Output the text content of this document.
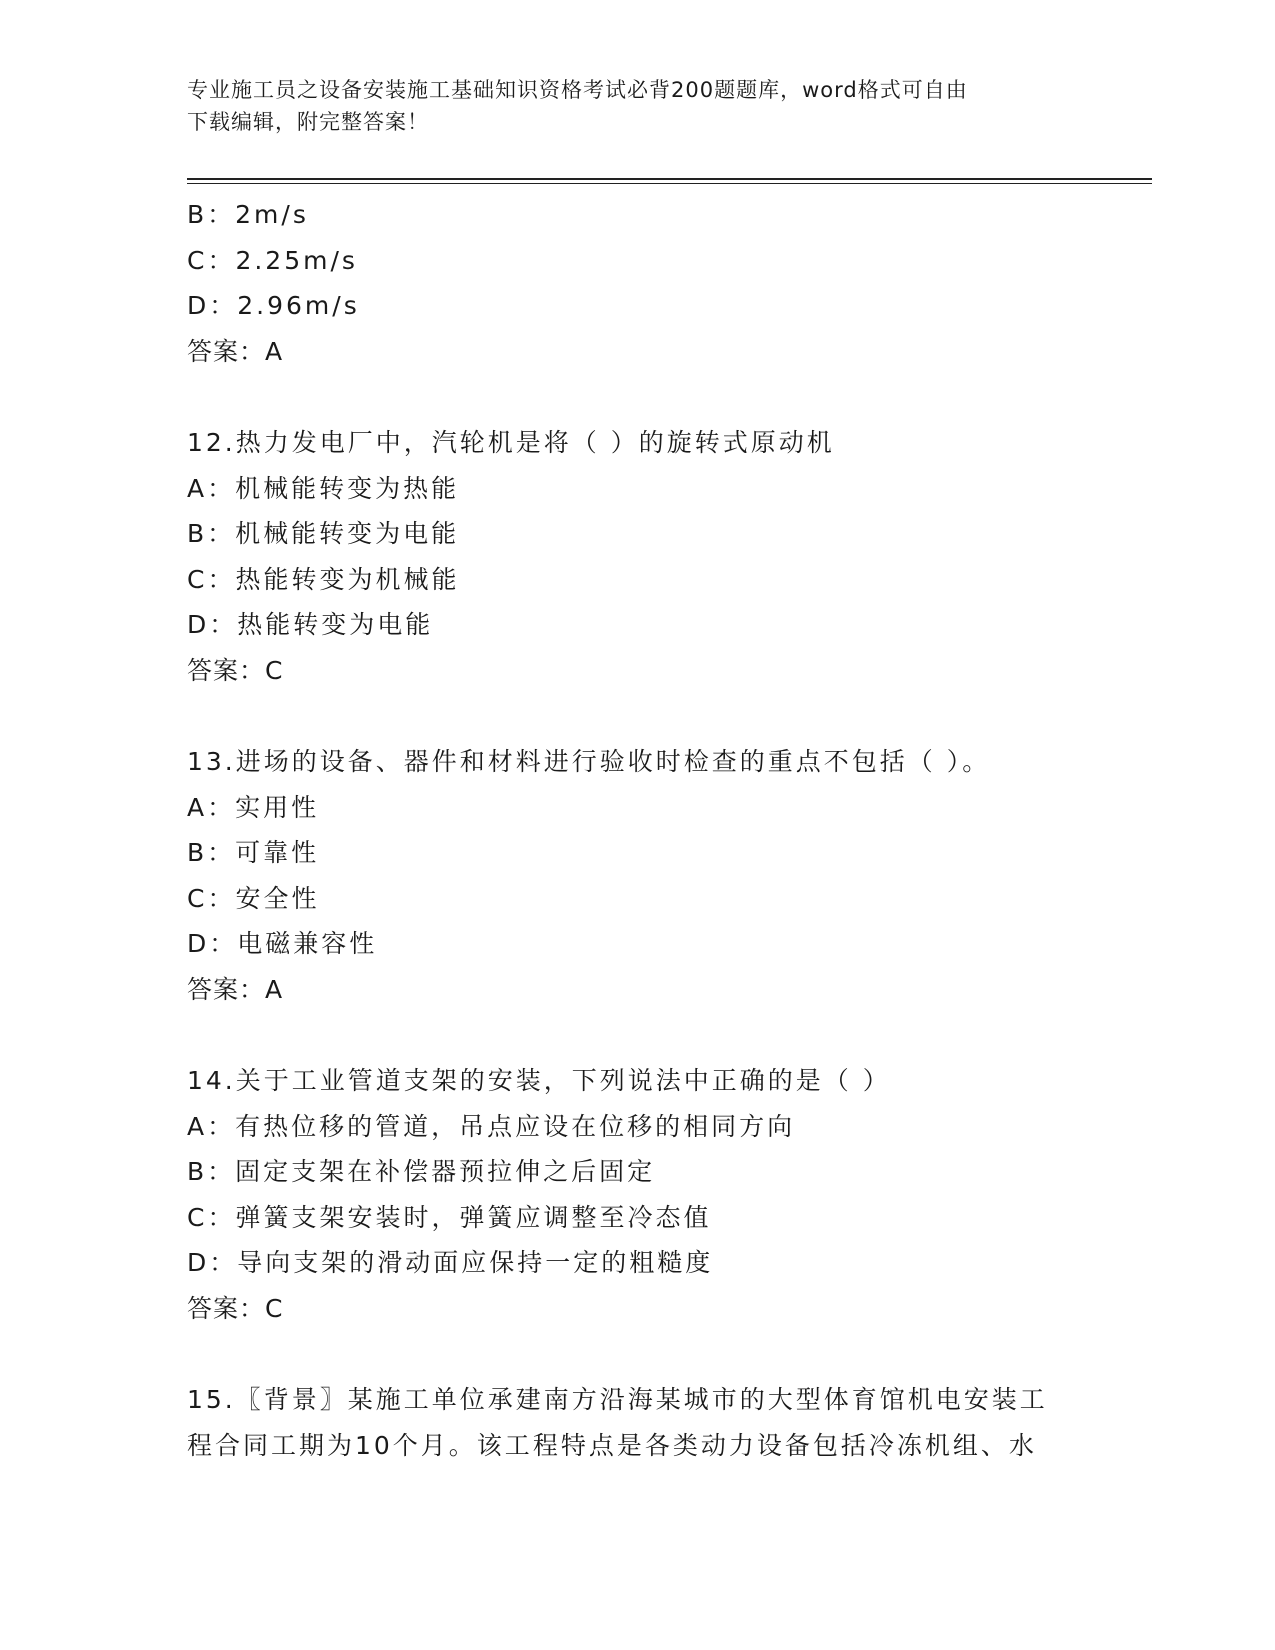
专业施工员之设备安装施工基础知识资格考试必背200题题库，word格式可自由
下载编辑，附完整答案！
B：2m/s
C：2.25m/s
D：2.96m/s
答案：A
12.热力发电厂中，汽轮机是将（ ）的旋转式原动机
A：机械能转变为热能
B：机械能转变为电能
C：热能转变为机械能
D：热能转变为电能
答案：C
13.进场的设备、器件和材料进行验收时检查的重点不包括（ ）。
A：实用性
B：可靠性
C：安全性
D：电磁兼容性
答案：A
14.关于工业管道支架的安装，下列说法中正确的是（ ）
A：有热位移的管道，吊点应设在位移的相同方向
B：固定支架在补偿器预拉伸之后固定
C：弹簧支架安装时，弹簧应调整至冷态值
D：导向支架的滑动面应保持一定的粗糙度
答案：C
15.〖背景〗某施工单位承建南方沿海某城市的大型体育馆机电安装工
程合同工期为10个月。该工程特点是各类动力设备包括冷冻机组、水
